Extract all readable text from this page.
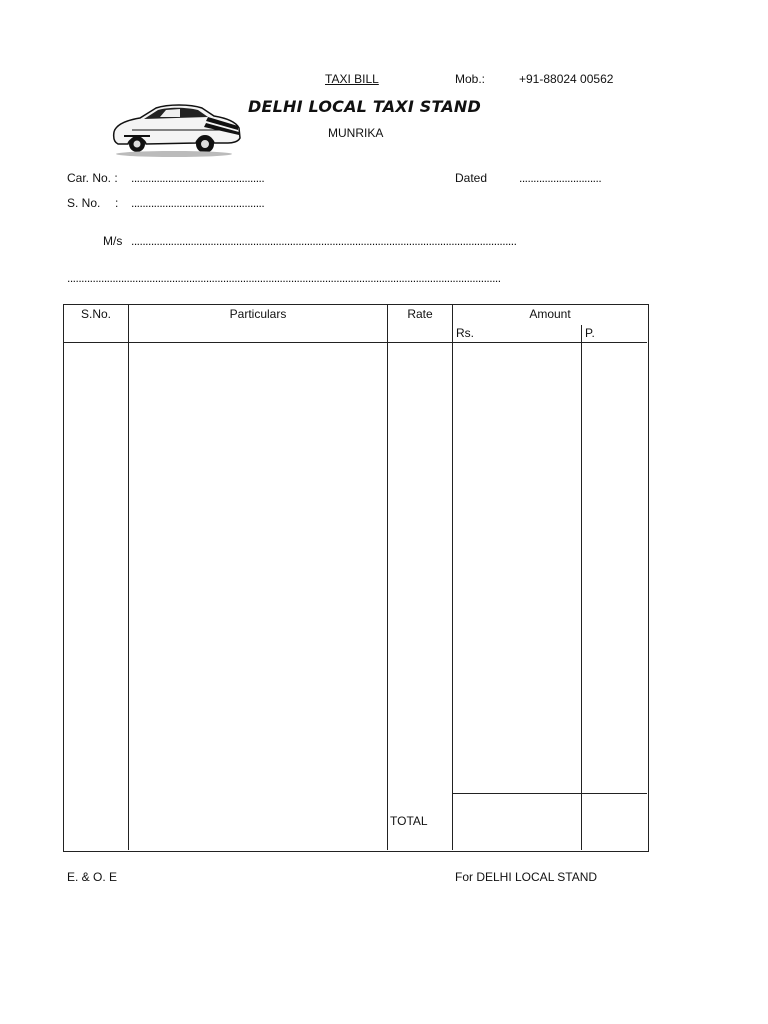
TAXI BILL	Mob.:	+91-88024 00562
DELHI LOCAL TAXI STAND
MUNRIKA
Car. No. : ...............................................	Dated	.............................
S. No. : ...............................................
M/s ........................................................................................................................................
.........................................................................................................................................................
S.No.	Particulars	Rate	Amount
Rs.	P.
TOTAL
E. & O. E	For DELHI LOCAL STAND
